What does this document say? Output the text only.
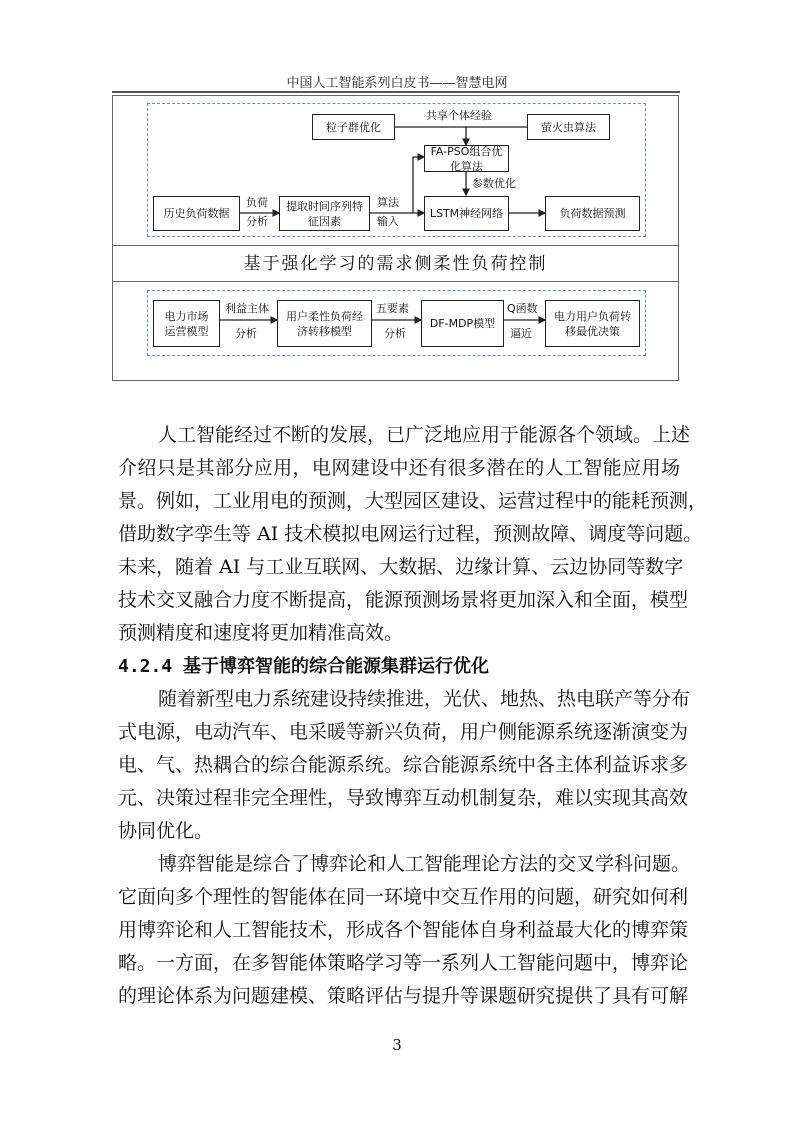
中国人工智能系列白皮书——智慧电网
基于强化学习的需求侧柔性负荷控制
粒子群优化	萤火虫算法
共享个体经验
FA-PSO组合优化算法
参数优化
历史负荷数据
负荷
分析
提取时间序列特征因素
算法
输入
LSTM神经网络	负荷数据预测
电力市场运营模型
利益主体
分析
用户柔性负荷经济转移模型
五要素
分析
DF-MDP模型
Q函数
逼近
电力用户负荷转移最优决策
人工智能经过不断的发展，已广泛地应用于能源各个领域。上述
介绍只是其部分应用，电网建设中还有很多潜在的人工智能应用场
景。例如，工业用电的预测，大型园区建设、运营过程中的能耗预测，
借助数字孪生等 AI 技术模拟电网运行过程，预测故障、调度等问题。
未来，随着 AI 与工业互联网、大数据、边缘计算、云边协同等数字
技术交叉融合力度不断提高，能源预测场景将更加深入和全面，模型
预测精度和速度将更加精准高效。
4.2.4 基于博弈智能的综合能源集群运行优化
随着新型电力系统建设持续推进，光伏、地热、热电联产等分布
式电源，电动汽车、电采暖等新兴负荷，用户侧能源系统逐渐演变为
电、气、热耦合的综合能源系统。综合能源系统中各主体利益诉求多
元、决策过程非完全理性，导致博弈互动机制复杂，难以实现其高效
协同优化。
博弈智能是综合了博弈论和人工智能理论方法的交叉学科问题。
它面向多个理性的智能体在同一环境中交互作用的问题，研究如何利
用博弈论和人工智能技术，形成各个智能体自身利益最大化的博弈策
略。一方面，在多智能体策略学习等一系列人工智能问题中，博弈论
的理论体系为问题建模、策略评估与提升等课题研究提供了具有可解
3
